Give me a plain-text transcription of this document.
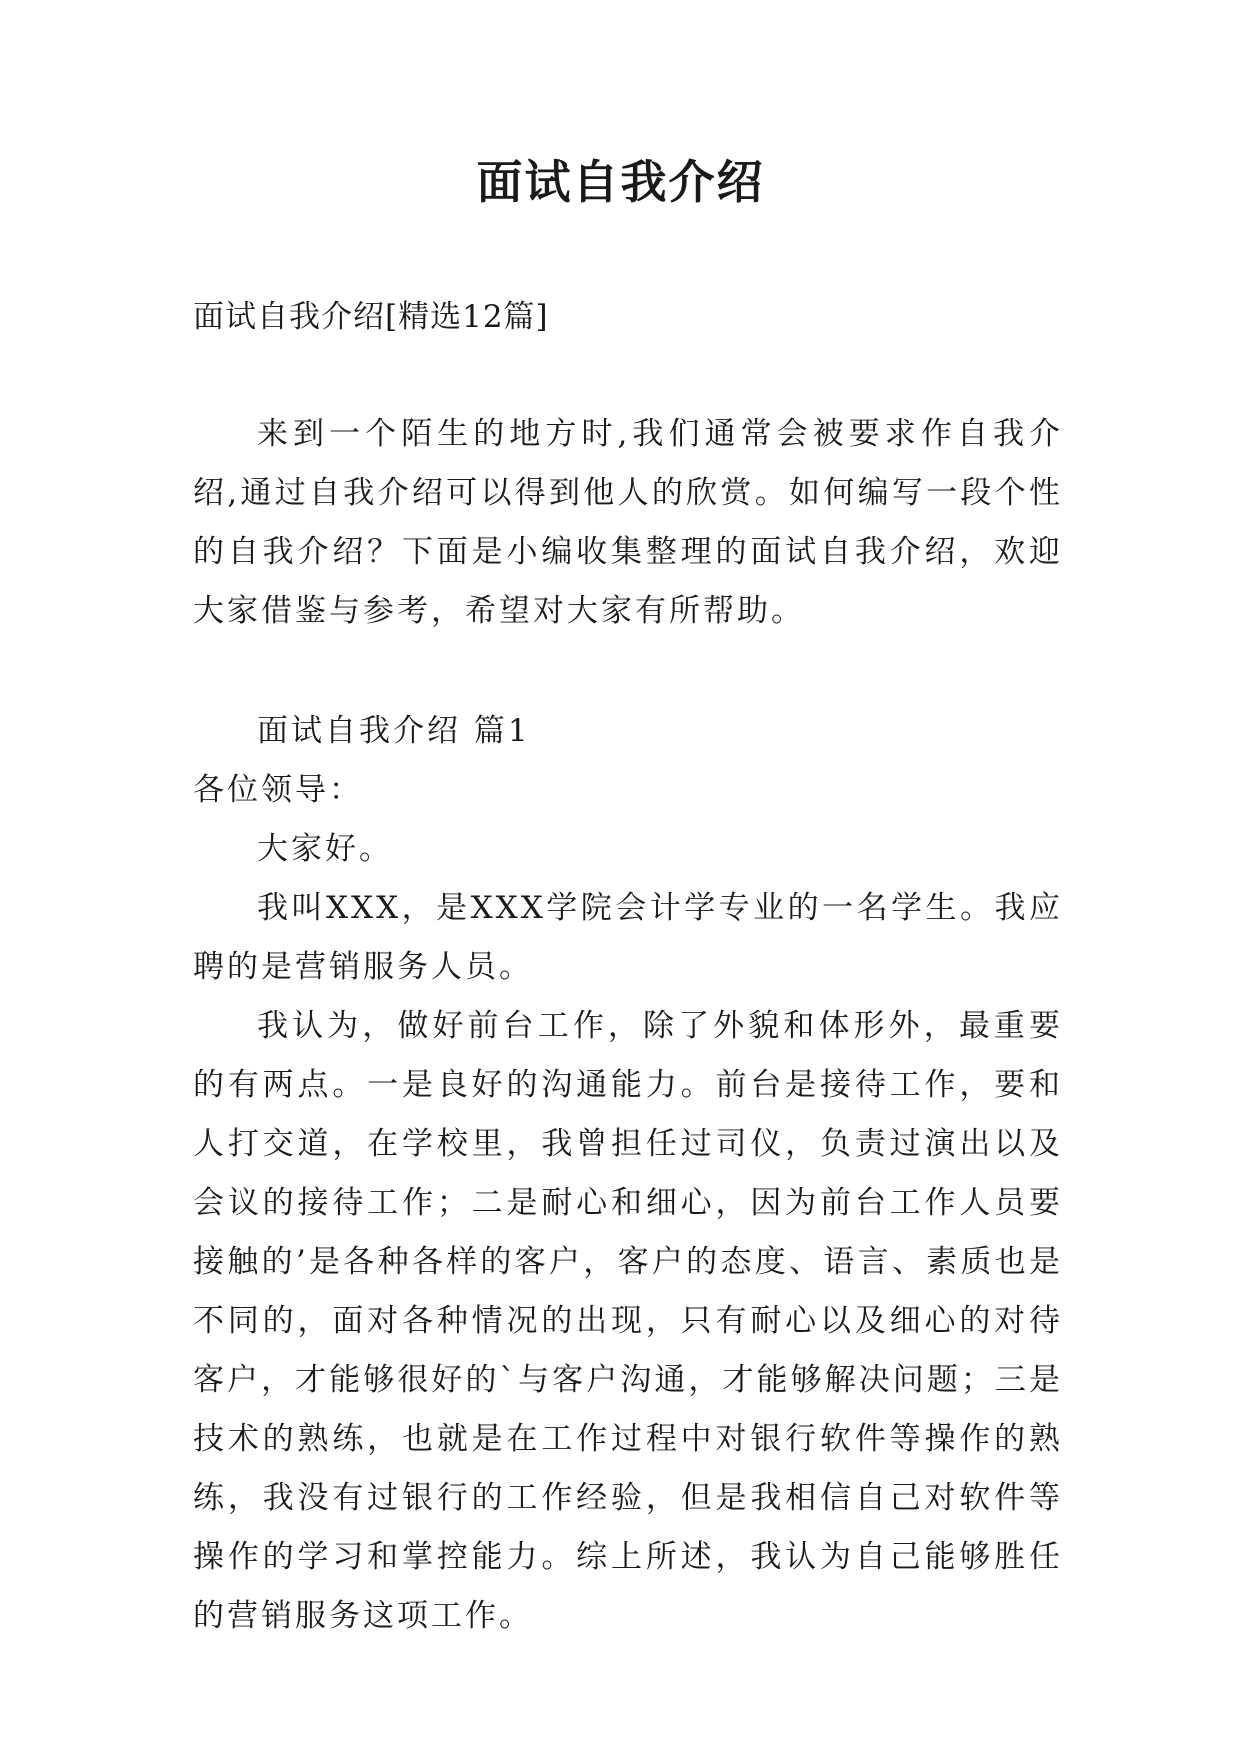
面试自我介绍
面试自我介绍[精选12篇]

来到一个陌生的地方时,我们通常会被要求作自我介绍,通过自我介绍可以得到他人的欣赏。如何编写一段个性的自我介绍？下面是小编收集整理的面试自我介绍，欢迎大家借鉴与参考，希望对大家有所帮助。

面试自我介绍 篇1

各位领导：

大家好。

我叫XXX，是XXX学院会计学专业的一名学生。我应聘的是营销服务人员。

我认为，做好前台工作，除了外貌和体形外，最重要的有两点。一是良好的沟通能力。前台是接待工作，要和人打交道，在学校里，我曾担任过司仪，负责过演出以及会议的接待工作；二是耐心和细心，因为前台工作人员要接触的’是各种各样的客户，客户的态度、语言、素质也是不同的，面对各种情况的出现，只有耐心以及细心的对待客户，才能够很好的`与客户沟通，才能够解决问题；三是技术的熟练，也就是在工作过程中对银行软件等操作的熟练，我没有过银行的工作经验，但是我相信自己对软件等操作的学习和掌控能力。综上所述，我认为自己能够胜任的营销服务这项工作。
